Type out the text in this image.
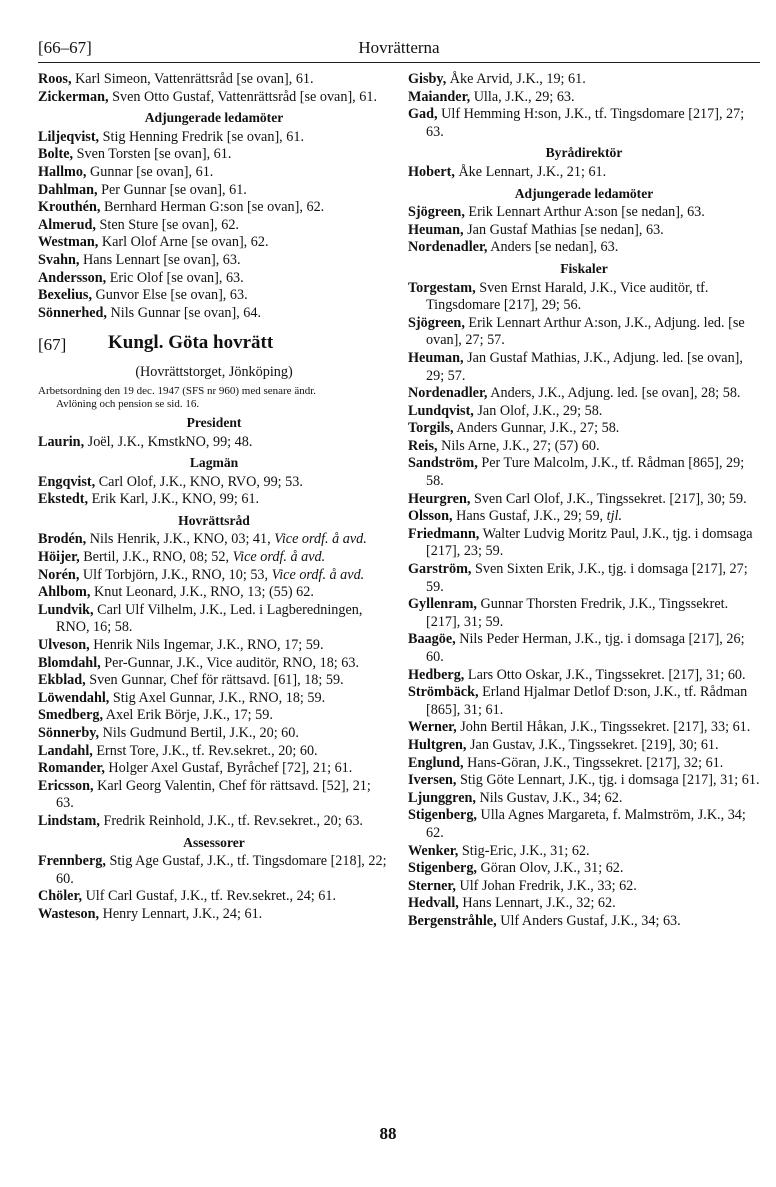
Hovrätterna
[66–67]

Roos, Karl Simeon, Vattenrättsråd [se ovan], 61.

Zickerman, Sven Otto Gustaf, Vattenrättsråd [se ovan], 61.

Adjungerade ledamöter

Liljeqvist, Stig Henning Fredrik [se ovan], 61.

Bolte, Sven Torsten [se ovan], 61.

Hallmo, Gunnar [se ovan], 61.

Dahlman, Per Gunnar [se ovan], 61.

Krouthén, Bernhard Herman G:son [se ovan], 62.

Almerud, Sten Sture [se ovan], 62.

Westman, Karl Olof Arne [se ovan], 62.

Svahn, Hans Lennart [se ovan], 63.

Andersson, Eric Olof [se ovan], 63.

Bexelius, Gunvor Else [se ovan], 63.

Sönnerhed, Nils Gunnar [se ovan], 64.

[67] Kungl. Göta hovrätt
(Hovrättstorget, Jönköping)

Arbetsordning den 19 dec. 1947 (SFS nr 960) med senare ändr.

Avlöning och pension se sid. 16.

President

Laurin, Joël, J.K., KmstkNO, 99; 48.

Lagmän

Engqvist, Carl Olof, J.K., KNO, RVO, 99; 53.

Ekstedt, Erik Karl, J.K., KNO, 99; 61.

Hovrättsråd

Brodén, Nils Henrik, J.K., KNO, 03; 41, Vice ordf. å avd.

Höijer, Bertil, J.K., RNO, 08; 52, Vice ordf. å avd.

Norén, Ulf Torbjörn, J.K., RNO, 10; 53, Vice ordf. å avd.

Ahlbom, Knut Leonard, J.K., RNO, 13; (55) 62.

Lundvik, Carl Ulf Vilhelm, J.K., Led. i Lagberedningen, RNO, 16; 58.

Ulveson, Henrik Nils Ingemar, J.K., RNO, 17; 59.

Blomdahl, Per-Gunnar, J.K., Vice auditör, RNO, 18; 63.

Ekblad, Sven Gunnar, Chef för rättsavd. [61], 18; 59.

Löwendahl, Stig Axel Gunnar, J.K., RNO, 18; 59.

Smedberg, Axel Erik Börje, J.K., 17; 59.

Sönnerby, Nils Gudmund Bertil, J.K., 20; 60.

Landahl, Ernst Tore, J.K., tf. Rev.sekret., 20; 60.

Romander, Holger Axel Gustaf, Byråchef [72], 21; 61.

Ericsson, Karl Georg Valentin, Chef för rättsavd. [52], 21; 63.

Lindstam, Fredrik Reinhold, J.K., tf. Rev.sekret., 20; 63.

Assessorer

Frennberg, Stig Age Gustaf, J.K., tf. Tingsdomare [218], 22; 60.

Chöler, Ulf Carl Gustaf, J.K., tf. Rev.sekret., 24; 61.

Wasteson, Henry Lennart, J.K., 24; 61.

Gisby, Åke Arvid, J.K., 19; 61.

Maiander, Ulla, J.K., 29; 63.

Gad, Ulf Hemming H:son, J.K., tf. Tingsdomare [217], 27; 63.

Byrådirektör

Hobert, Åke Lennart, J.K., 21; 61.

Adjungerade ledamöter

Sjögreen, Erik Lennart Arthur A:son [se nedan], 63.

Heuman, Jan Gustaf Mathias [se nedan], 63.

Nordenadler, Anders [se nedan], 63.

Fiskaler

Torgestam, Sven Ernst Harald, J.K., Vice auditör, tf. Tingsdomare [217], 29; 56.

Sjögreen, Erik Lennart Arthur A:son, J.K., Adjung. led. [se ovan], 27; 57.

Heuman, Jan Gustaf Mathias, J.K., Adjung. led. [se ovan], 29; 57.

Nordenadler, Anders, J.K., Adjung. led. [se ovan], 28; 58.

Lundqvist, Jan Olof, J.K., 29; 58.

Torgils, Anders Gunnar, J.K., 27; 58.

Reis, Nils Arne, J.K., 27; (57) 60.

Sandström, Per Ture Malcolm, J.K., tf. Rådman [865], 29; 58.

Heurgren, Sven Carl Olof, J.K., Tingssekret. [217], 30; 59.

Olsson, Hans Gustaf, J.K., 29; 59, tjl.

Friedmann, Walter Ludvig Moritz Paul, J.K., tjg. i domsaga [217], 23; 59.

Garström, Sven Sixten Erik, J.K., tjg. i domsaga [217], 27; 59.

Gyllenram, Gunnar Thorsten Fredrik, J.K., Tingssekret. [217], 31; 59.

Baagöe, Nils Peder Herman, J.K., tjg. i domsaga [217], 26; 60.

Hedberg, Lars Otto Oskar, J.K., Tingssekret. [217], 31; 60.

Strömbäck, Erland Hjalmar Detlof D:son, J.K., tf. Rådman [865], 31; 61.

Werner, John Bertil Håkan, J.K., Tingssekret. [217], 33; 61.

Hultgren, Jan Gustav, J.K., Tingssekret. [219], 30; 61.

Englund, Hans-Göran, J.K., Tingssekret. [217], 32; 61.

Iversen, Stig Göte Lennart, J.K., tjg. i domsaga [217], 31; 61.

Ljunggren, Nils Gustav, J.K., 34; 62.

Stigenberg, Ulla Agnes Margareta, f. Malmström, J.K., 34; 62.

Wenker, Stig-Eric, J.K., 31; 62.

Stigenberg, Göran Olov, J.K., 31; 62.

Sterner, Ulf Johan Fredrik, J.K., 33; 62.

Hedvall, Hans Lennart, J.K., 32; 62.

Bergenstråhle, Ulf Anders Gustaf, J.K., 34; 63.

88
